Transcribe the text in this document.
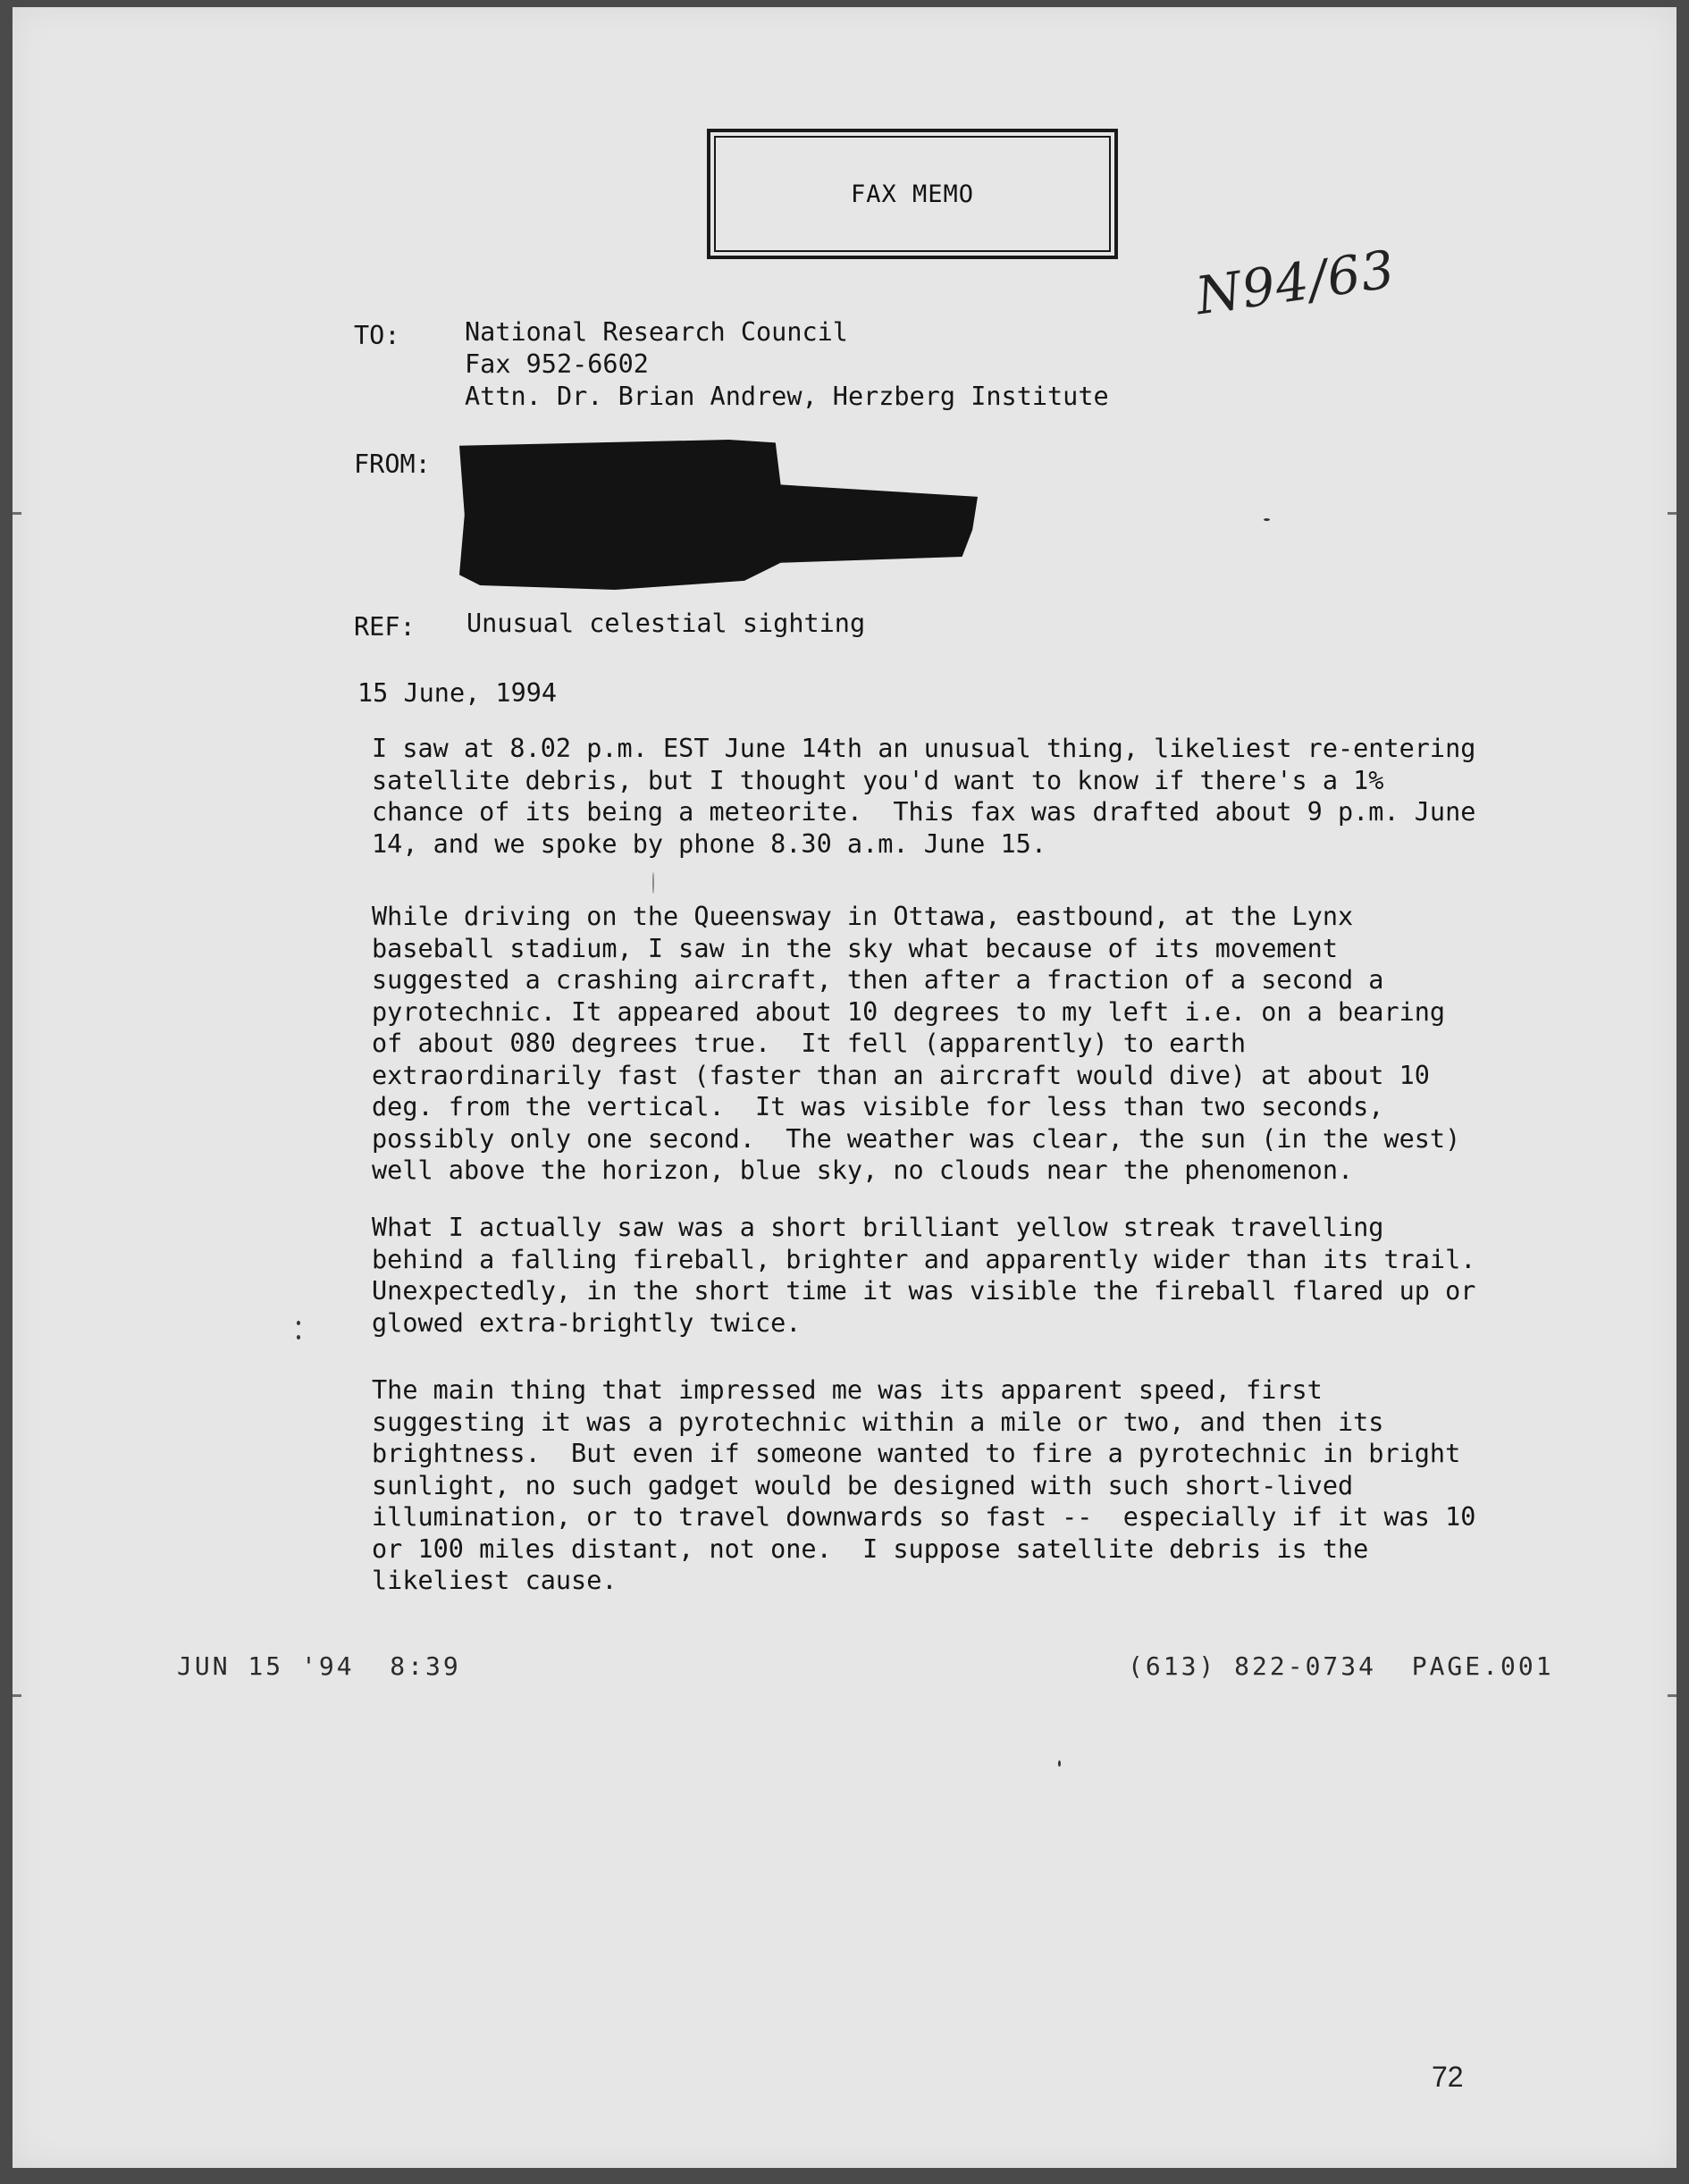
FAX MEMO
N94/63
TO:	National Research Council
Fax 952-6602
Attn. Dr. Brian Andrew, Herzberg Institute
FROM:
REF: Unusual celestial sighting
15 June, 1994
I saw at 8.02 p.m. EST June 14th an unusual thing, likeliest re-entering
satellite debris, but I thought you'd want to know if there's a 1%
chance of its being a meteorite.  This fax was drafted about 9 p.m. June
14, and we spoke by phone 8.30 a.m. June 15.
While driving on the Queensway in Ottawa, eastbound, at the Lynx
baseball stadium, I saw in the sky what because of its movement
suggested a crashing aircraft, then after a fraction of a second a
pyrotechnic. It appeared about 10 degrees to my left i.e. on a bearing
of about 080 degrees true.  It fell (apparently) to earth
extraordinarily fast (faster than an aircraft would dive) at about 10
deg. from the vertical.  It was visible for less than two seconds,
possibly only one second.  The weather was clear, the sun (in the west)
well above the horizon, blue sky, no clouds near the phenomenon.
What I actually saw was a short brilliant yellow streak travelling
behind a falling fireball, brighter and apparently wider than its trail.
Unexpectedly, in the short time it was visible the fireball flared up or
glowed extra-brightly twice.
The main thing that impressed me was its apparent speed, first
suggesting it was a pyrotechnic within a mile or two, and then its
brightness.  But even if someone wanted to fire a pyrotechnic in bright
sunlight, no such gadget would be designed with such short-lived
illumination, or to travel downwards so fast --  especially if it was 10
or 100 miles distant, not one.  I suppose satellite debris is the
likeliest cause.
JUN 15 '94  8:39	(613) 822-0734  PAGE.001
72
